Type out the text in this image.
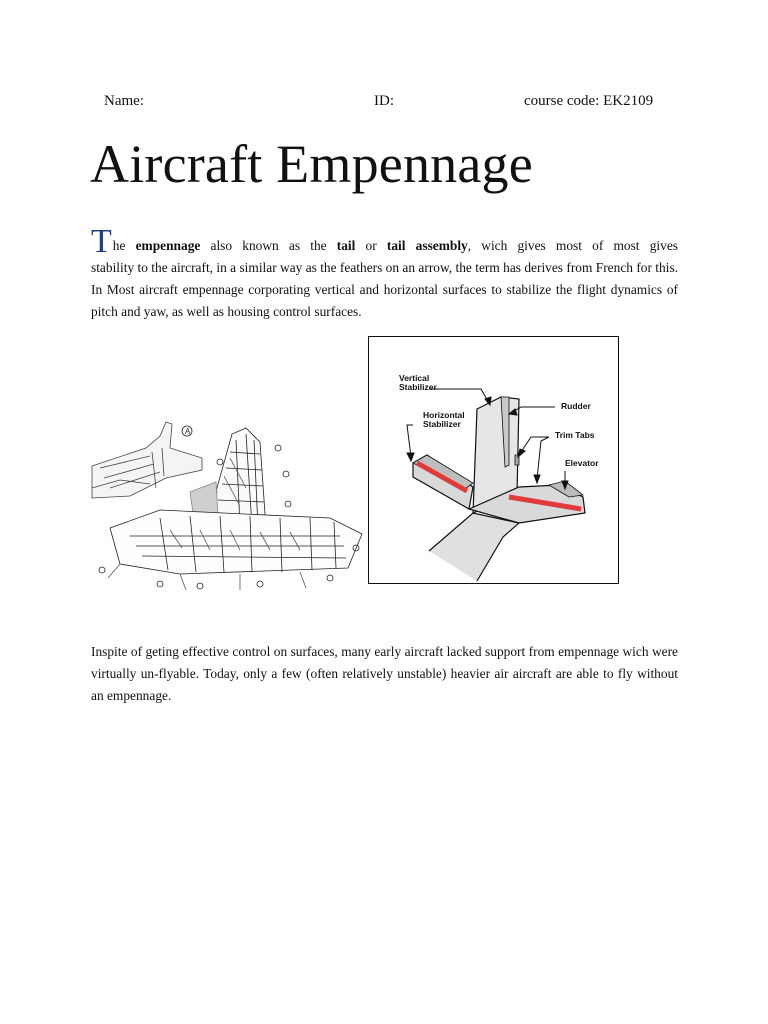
Name:	ID:	course code: EK2109
Aircraft Empennage

The empennage also known as the tail or tail assembly, wich gives most of most gives
stability to the aircraft, in a similar way as the feathers on an arrow, the term has derives from French for this. In Most aircraft empennage corporating vertical and horizontal surfaces to stabilize the flight dynamics of pitch and yaw, as well as housing control surfaces.

A
Vertical
Stabilizer
Horizontal
Stabilizer
Rudder
Trim Tabs
Elevator

Inspite of geting effective control on surfaces, many early aircraft lacked support from empennage wich were virtually un-flyable. Today, only a few (often relatively unstable) heavier air aircraft are able to fly without an empennage.
